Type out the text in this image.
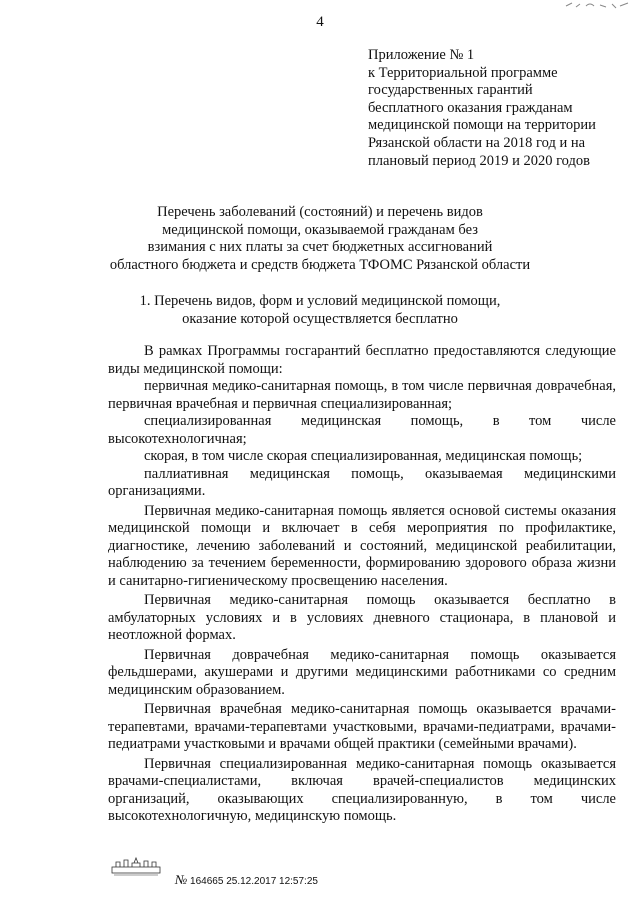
4
Приложение № 1
к Территориальной программе
государственных гарантий
бесплатного оказания гражданам
медицинской помощи на территории
Рязанской области на 2018 год и на
плановый период 2019 и 2020 годов
Перечень заболеваний (состояний) и перечень видов
медицинской помощи, оказываемой гражданам без
взимания с них платы за счет бюджетных ассигнований
областного бюджета и средств бюджета ТФОМС Рязанской области
1. Перечень видов, форм и условий медицинской помощи,
оказание которой осуществляется бесплатно

В рамках Программы госгарантий бесплатно предоставляются следующие виды медицинской помощи:

первичная медико-санитарная помощь, в том числе первичная доврачебная, первичная врачебная и первичная специализированная;

специализированная медицинская помощь, в том числе высокотехнологичная;

скорая, в том числе скорая специализированная, медицинская помощь;

паллиативная медицинская помощь, оказываемая медицинскими организациями.

Первичная медико-санитарная помощь является основой системы оказания медицинской помощи и включает в себя мероприятия по профилактике, диагностике, лечению заболеваний и состояний, медицинской реабилитации, наблюдению за течением беременности, формированию здорового образа жизни и санитарно-гигиеническому просвещению населения.

Первичная медико-санитарная помощь оказывается бесплатно в амбулаторных условиях и в условиях дневного стационара, в плановой и неотложной формах.

Первичная доврачебная медико-санитарная помощь оказывается фельдшерами, акушерами и другими медицинскими работниками со средним медицинским образованием.

Первичная врачебная медико-санитарная помощь оказывается врачами-терапевтами, врачами-терапевтами участковыми, врачами-педиатрами, врачами-педиатрами участковыми и врачами общей практики (семейными врачами).

Первичная специализированная медико-санитарная помощь оказывается врачами-специалистами, включая врачей-специалистов медицинских организаций, оказывающих специализированную, в том числе высокотехнологичную, медицинскую помощь.

№ 164665 25.12.2017 12:57:25
